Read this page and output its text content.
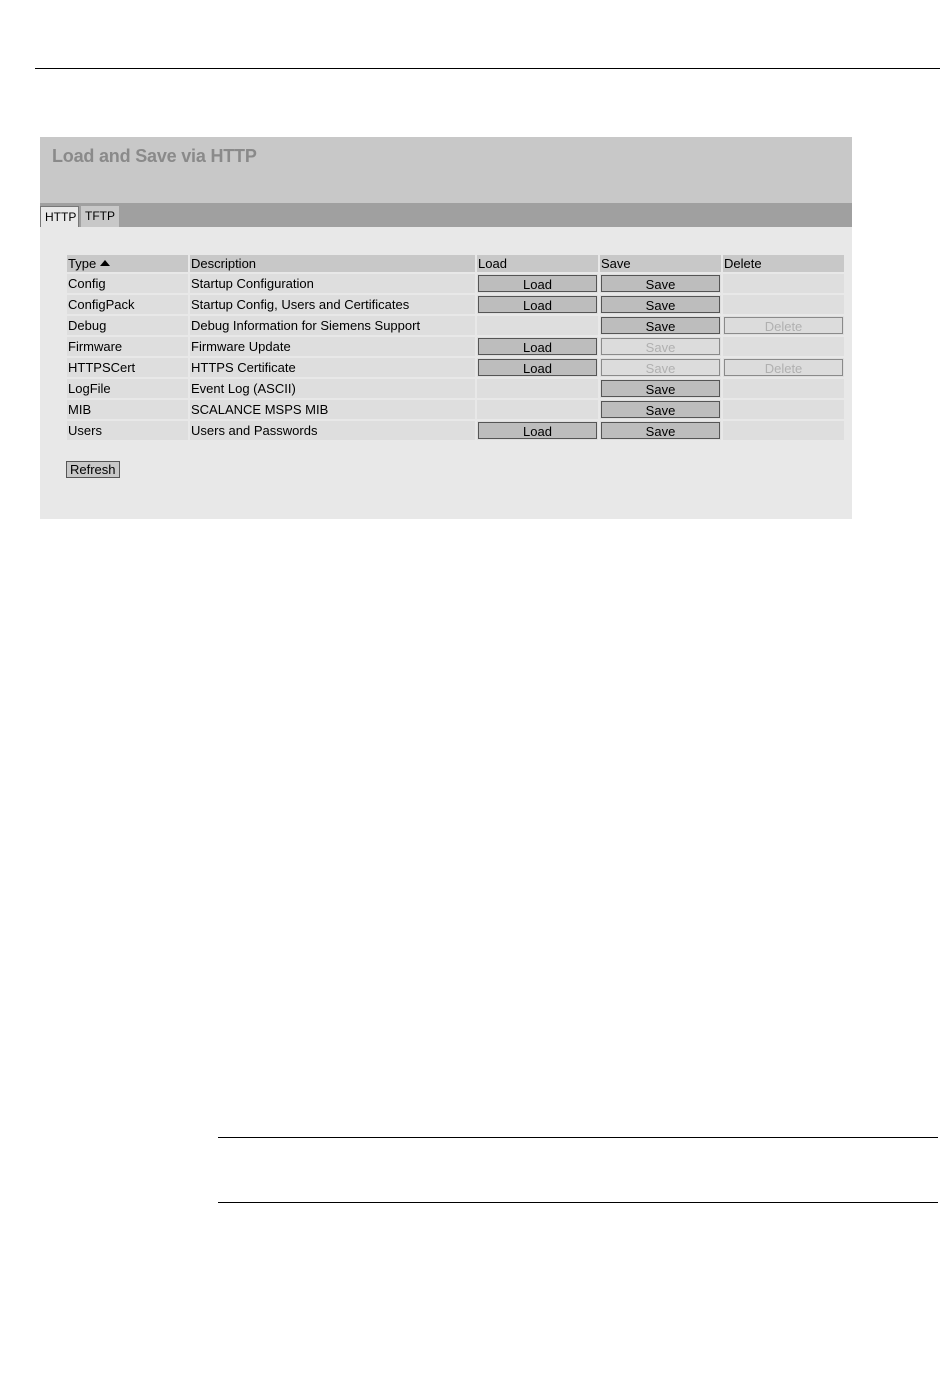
Load and Save via HTTP
HTTP TFTP
Type	Description	Load	Save	Delete
Config	Startup Configuration	Load	Save	

ConfigPack	Startup Config, Users and Certificates	Load	Save	

Debug	Debug Information for Siemens Support		Save	Delete

Firmware	Firmware Update	Load	Save	

HTTPSCert	HTTPS Certificate	Load	Save	Delete

LogFile	Event Log (ASCII)		Save	

MIB	SCALANCE MSPS MIB		Save	

Users	Users and Passwords	Load	Save	

Refresh
